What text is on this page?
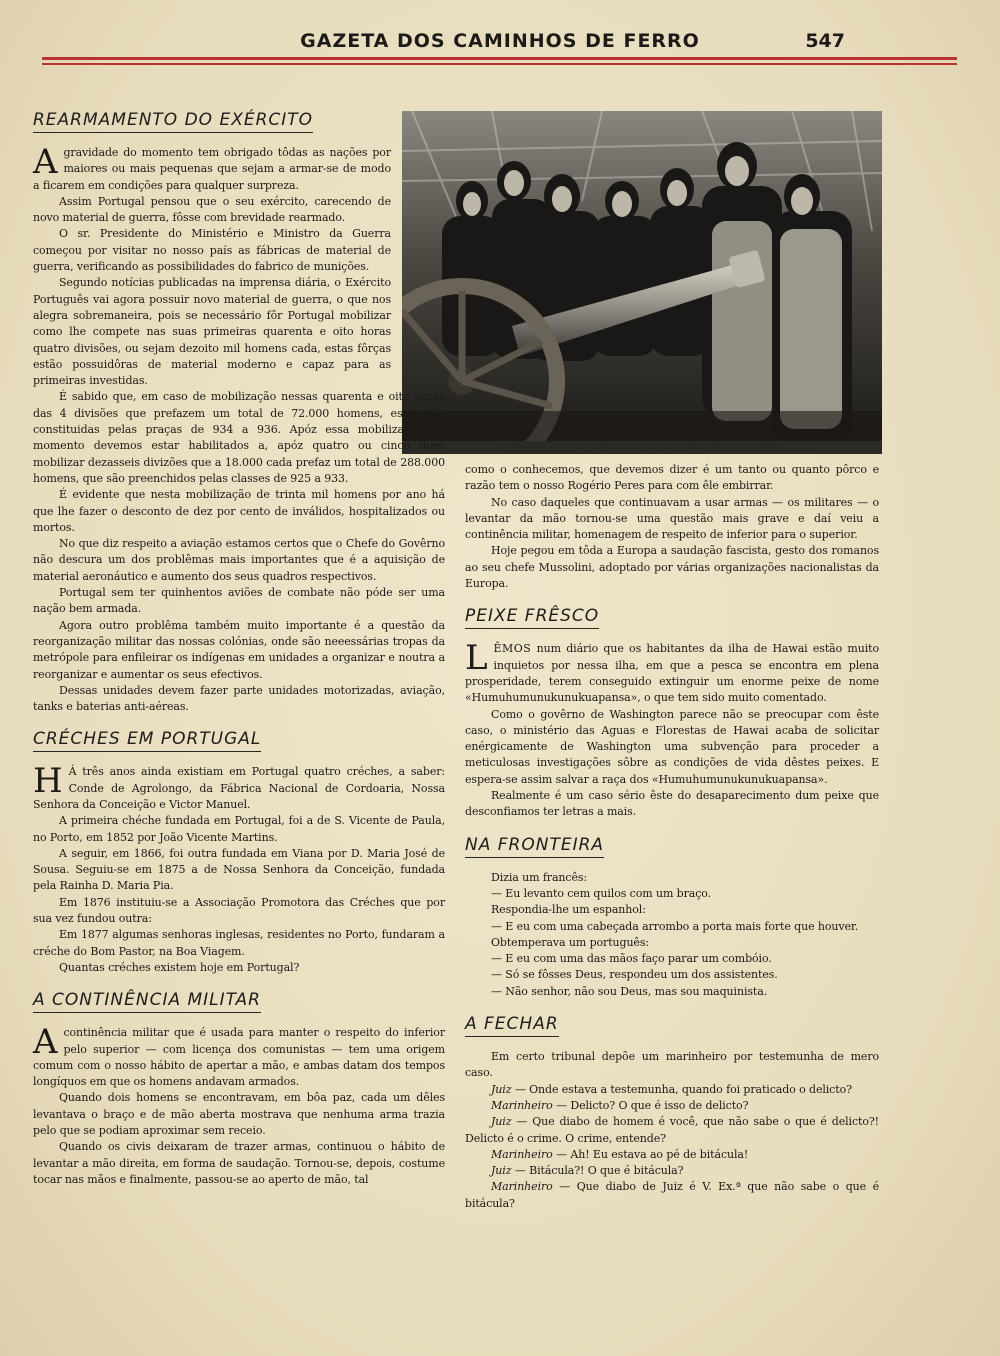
GAZETA DOS CAMINHOS DE FERRO	547
O Ministro da Guerra observa uma peça de artilharia moderna
REARMAMENTO DO EXÉRCITO

Agravidade do momento tem obrigado tôdas as nações por maiores ou mais pequenas que sejam a armar-se de modo a ficarem em condições para qualquer surpreza.

Assim Portugal pensou que o seu exército, carecendo de novo material de guerra, fôsse com brevidade rearmado.

O sr. Presidente do Ministério e Ministro da Guerra começou por visitar no nosso país as fábricas de material de guerra, verificando as possibilidades do fabrico de munições.

Segundo notícias publicadas na imprensa diária, o Exército Português vai agora possuir novo material de guerra, o que nos alegra sobremaneira, pois se necessário fôr Portugal mobilizar como lhe compete nas suas primeiras quarenta e oito horas quatro divisões, ou sejam dezoito mil homens cada, estas fôrças estão possuidôras de material moderno e capaz para as primeiras investidas.

É sabido que, em caso de mobilização nessas quarenta e oito horas das 4 divisões que prefazem um total de 72.000 homens, estas são constituidas pelas praças de 934 a 936. Apóz essa mobilização de momento devemos estar habilitados a, apóz quatro ou cinco dias, mobilizar dezasseis divizões que a 18.000 cada prefaz um total de 288.000 homens, que são preenchidos pelas classes de 925 a 933.

É evidente que nesta mobilização de trinta mil homens por ano há que lhe fazer o desconto de dez por cento de inválidos, hospitalizados ou mortos.

No que diz respeito a aviação estamos certos que o Chefe do Govêrno não descura um dos problêmas mais importantes que é a aquisição de material aeronáutico e aumento dos seus quadros respectivos.

Portugal sem ter quinhentos aviões de combate não póde ser uma nação bem armada.

Agora outro problêma também muito importante é a questão da reorganização militar das nossas colónias, onde são neeessárias tropas da metrópole para enfileirar os indígenas em unidades a organizar e noutra a reorganizar e aumentar os seus efectivos.

Dessas unidades devem fazer parte unidades motorizadas, aviação, tanks e baterias anti-aéreas.

CRÉCHES EM PORTUGAL

H Á três anos ainda existiam em Portugal quatro créches, a saber: Conde de Agrolongo, da Fábrica Nacional de Cordoaria, Nossa Senhora da Conceição e Victor Manuel.

A primeira chéche fundada em Portugal, foi a de S. Vicente de Paula, no Porto, em 1852 por João Vicente Martins.

A seguir, em 1866, foi outra fundada em Viana por D. Maria José de Sousa. Seguiu-se em 1875 a de Nossa Senhora da Conceição, fundada pela Rainha D. Maria Pia.

Em 1876 instituiu-se a Associação Promotora das Créches que por sua vez fundou outra:

Em 1877 algumas senhoras inglesas, residentes no Porto, fundaram a créche do Bom Pastor, na Boa Viagem.

Quantas créches existem hoje em Portugal?

A CONTINÊNCIA MILITAR

Acontinência militar que é usada para manter o respeito do inferior pelo superior — com licença dos comunistas — tem uma origem comum com o nosso hábito de apertar a mão, e ambas datam dos tempos longíquos em que os homens andavam armados.

Quando dois homens se encontravam, em bôa paz, cada um dêles levantava o braço e de mão aberta mostrava que nenhuma arma trazia pelo que se podiam aproximar sem receio.

Quando os civis deixaram de trazer armas, continuou o hábito de levantar a mão direita, em forma de saudação. Tornou-se, depois, costume tocar nas mãos e finalmente, passou-se ao aperto de mão, tal

como o conhecemos, que devemos dizer é um tanto ou quanto pôrco e razão tem o nosso Rogério Peres para com êle embirrar.

No caso daqueles que continuavam a usar armas — os militares — o levantar da mão tornou-se uma questão mais grave e daí veiu a continência militar, homenagem de respeito de inferior para o superior.

Hoje pegou em tôda a Europa a saudação fascista, gesto dos romanos ao seu chefe Mussolini, adoptado por várias organizações nacionalistas da Europa.

PEIXE FRÊSCO

LÊMOS num diário que os habitantes da ilha de Hawai estão muito inquietos por nessa ilha, em que a pesca se encontra em plena prosperidade, terem conseguido extinguir um enorme peixe de nome «Humuhumunukunukuapansa», o que tem sido muito comentado.

Como o govêrno de Washington parece não se preocupar com êste caso, o ministério das Aguas e Florestas de Hawai acaba de solicitar enérgicamente de Washington uma subvenção para proceder a meticulosas investigações sôbre as condições de vida dêstes peixes. E espera-se assim salvar a raça dos «Humuhumunukunukuapansa».

Realmente é um caso sério êste do desaparecimento dum peixe que desconfiamos ter letras a mais.

NA FRONTEIRA

Dizia um francês:

— Eu levanto cem quilos com um braço.

Respondia-lhe um espanhol:

— E eu com uma cabeçada arrombo a porta mais forte que houver.

Obtemperava um português:

— E eu com uma das mãos faço parar um combóio.

— Só se fôsses Deus, respondeu um dos assistentes.

— Não senhor, não sou Deus, mas sou maquinista.

A FECHAR

Em certo tribunal depõe um marinheiro por testemunha de mero caso.

Juiz — Onde estava a testemunha, quando foi praticado o delicto?

Marinheiro — Delicto? O que é isso de delicto?

Juiz — Que diabo de homem é você, que não sabe o que é delicto?! Delicto é o crime. O crime, entende?

Marinheiro — Ah! Eu estava ao pé de bitácula!

Juiz — Bitácula?! O que é bitácula?

Marinheiro — Que diabo de Juiz é V. Ex.ª que não sabe o que é bitácula?
